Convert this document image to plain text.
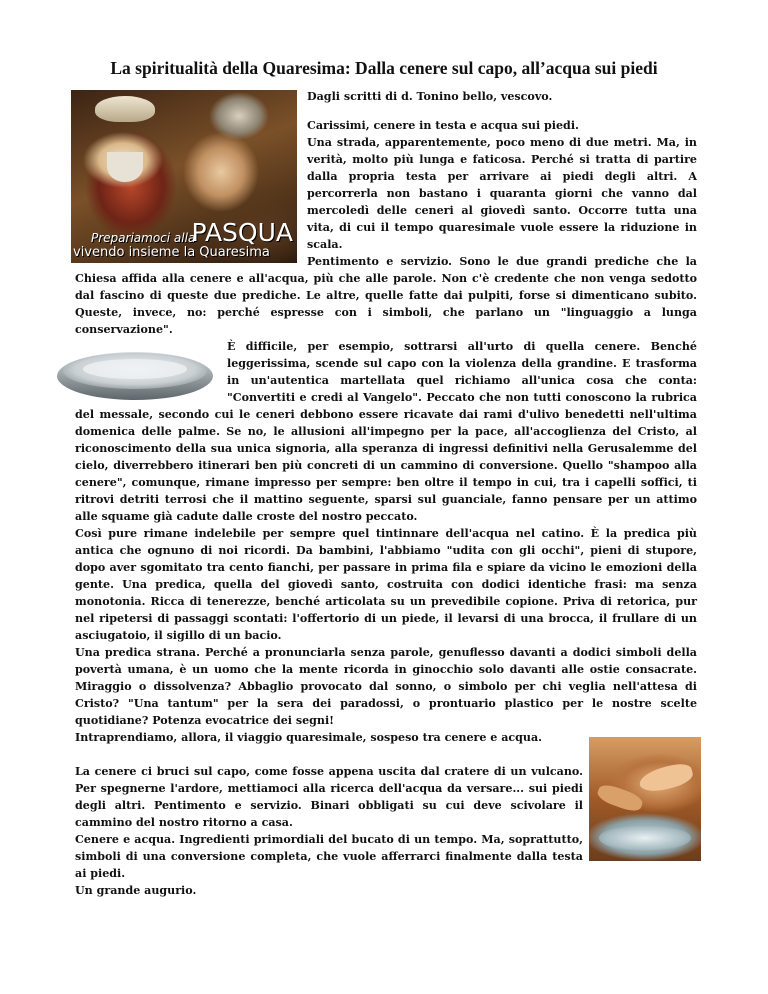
La spiritualità della Quaresima: Dalla cenere sul capo, all’acqua sui piedi
Prepariamoci alla
PASQUA
vivendo insieme la Quaresima

Dagli scritti di d. Tonino bello, vescovo.

Carissimi, cenere in testa e acqua sui piedi.

Una strada, apparentemente, poco meno di due metri. Ma, in verità, molto più lunga e faticosa. Perché si tratta di partire dalla propria testa per arrivare ai piedi degli altri. A percorrerla non bastano i quaranta giorni che vanno dal mercoledì delle ceneri al giovedì santo. Occorre tutta una vita, di cui il tempo quaresimale vuole essere la riduzione in scala.

Pentimento e servizio. Sono le due grandi prediche che la Chiesa affida alla cenere e all'acqua, più che alle parole. Non c'è credente che non venga sedotto dal fascino di queste due prediche. Le altre, quelle fatte dai pulpiti, forse si dimenticano subito. Queste, invece, no: perché espresse con i simboli, che parlano un "linguaggio a lunga conservazione".

È difficile, per esempio, sottrarsi all'urto di quella cenere. Benché leggerissima, scende sul capo con la violenza della grandine. E trasforma in un'autentica martellata quel richiamo all'unica cosa che conta: "Convertiti e credi al Vangelo". Peccato che non tutti conoscono la rubrica del messale, secondo cui le ceneri debbono essere ricavate dai rami d'ulivo benedetti nell'ultima domenica delle palme. Se no, le allusioni all'impegno per la pace, all'accoglienza del Cristo, al riconoscimento della sua unica signoria, alla speranza di ingressi definitivi nella Gerusalemme del cielo, diverrebbero itinerari ben più concreti di un cammino di conversione. Quello "shampoo alla cenere", comunque, rimane impresso per sempre: ben oltre il tempo in cui, tra i capelli soffici, ti ritrovi detriti terrosi che il mattino seguente, sparsi sul guanciale, fanno pensare per un attimo alle squame già cadute dalle croste del nostro peccato.

Così pure rimane indelebile per sempre quel tintinnare dell'acqua nel catino. È la predica più antica che ognuno di noi ricordi. Da bambini, l'abbiamo "udita con gli occhi", pieni di stupore, dopo aver sgomitato tra cento fianchi, per passare in prima fila e spiare da vicino le emozioni della gente. Una predica, quella del giovedì santo, costruita con dodici identiche frasi: ma senza monotonia. Ricca di tenerezze, benché articolata su un prevedibile copione. Priva di retorica, pur nel ripetersi di passaggi scontati: l'offertorio di un piede, il levarsi di una brocca, il frullare di un asciugatoio, il sigillo di un bacio.

Una predica strana. Perché a pronunciarla senza parole, genuflesso davanti a dodici simboli della povertà umana, è un uomo che la mente ricorda in ginocchio solo davanti alle ostie consacrate. Miraggio o dissolvenza? Abbaglio provocato dal sonno, o simbolo per chi veglia nell'attesa di Cristo? "Una tantum" per la sera dei paradossi, o prontuario plastico per le nostre scelte quotidiane? Potenza evocatrice dei segni!

Intraprendiamo, allora, il viaggio quaresimale, sospeso tra cenere e acqua.

La cenere ci bruci sul capo, come fosse appena uscita dal cratere di un vulcano. Per spegnerne l'ardore, mettiamoci alla ricerca dell'acqua da versare... sui piedi degli altri. Pentimento e servizio. Binari obbligati su cui deve scivolare il cammino del nostro ritorno a casa.

Cenere e acqua. Ingredienti primordiali del bucato di un tempo. Ma, soprattutto, simboli di una conversione completa, che vuole afferrarci finalmente dalla testa ai piedi.

Un grande augurio.
